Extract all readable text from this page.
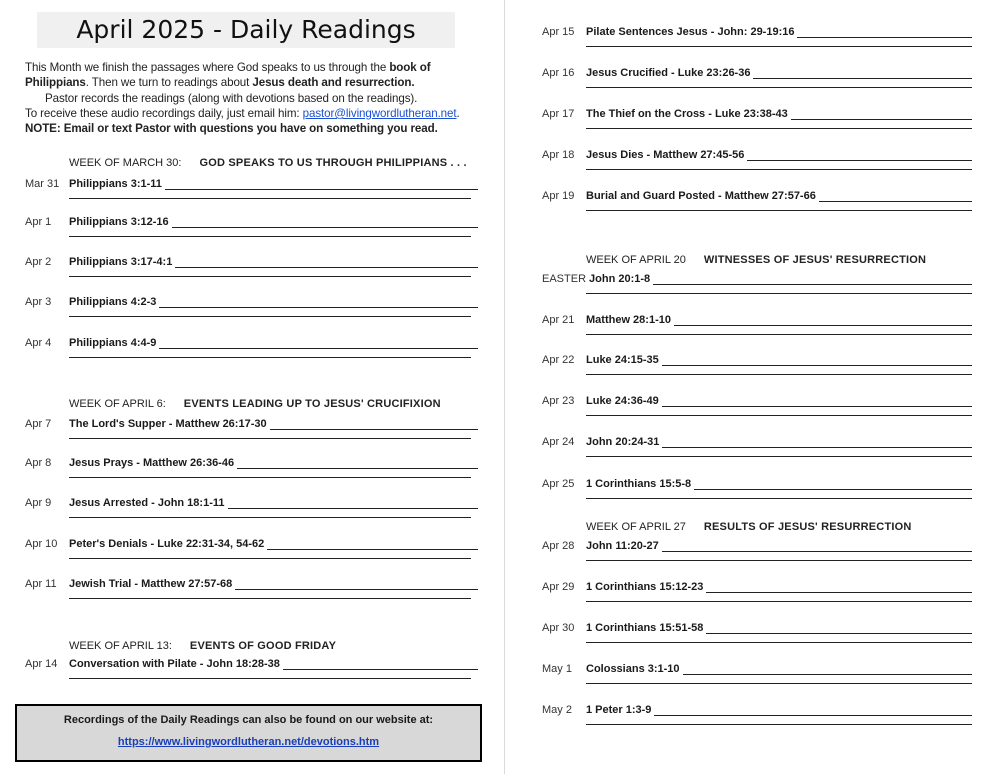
April 2025 - Daily Readings

This Month we finish the passages where God speaks to us through the book of

Philippians. Then we turn to readings about Jesus death and resurrection.

Pastor records the readings (along with devotions based on the readings).

To receive these audio recordings daily, just email him: pastor@livingwordlutheran.net.

NOTE: Email or text Pastor with questions you have on something you read.

WEEK OF MARCH 30: GOD SPEAKS TO US THROUGH PHILIPPIANS . . .
WEEK OF APRIL 6: EVENTS LEADING UP TO JESUS' CRUCIFIXION
WEEK OF APRIL 13: EVENTS OF GOOD FRIDAY
WEEK OF APRIL 20 WITNESSES OF JESUS' RESURRECTION
WEEK OF APRIL 27 RESULTS OF JESUS' RESURRECTION
Mar 31 Philippians 3:1-11
Apr 1	Philippians 3:12-16
Apr 2	Philippians 3:17-4:1
Apr 3	Philippians 4:2-3
Apr 4	Philippians 4:4-9
Apr 7	The Lord's Supper - Matthew 26:17-30
Apr 8	Jesus Prays - Matthew 26:36-46
Apr 9	Jesus Arrested - John 18:1-11
Apr 10	Peter's Denials - Luke 22:31-34, 54-62
Apr 11	Jewish Trial - Matthew 27:57-68
Apr 14	Conversation with Pilate - John 18:28-38
Apr 15	Pilate Sentences Jesus - John: 29-19:16
Apr 16	Jesus Crucified - Luke 23:26-36
Apr 17	The Thief on the Cross - Luke 23:38-43
Apr 18	Jesus Dies - Matthew 27:45-56
Apr 19	Burial and Guard Posted - Matthew 27:57-66
EASTER John 20:1-8
Apr 21	Matthew 28:1-10
Apr 22	Luke 24:15-35
Apr 23	Luke 24:36-49
Apr 24	John 20:24-31
Apr 25	1 Corinthians 15:5-8
Apr 28	John 11:20-27
Apr 29	1 Corinthians 15:12-23
Apr 30	1 Corinthians 15:51-58
May 1	Colossians 3:1-10
May 2	1 Peter 1:3-9
Recordings of the Daily Readings can also be found on our website at:
https://www.livingwordlutheran.net/devotions.htm
